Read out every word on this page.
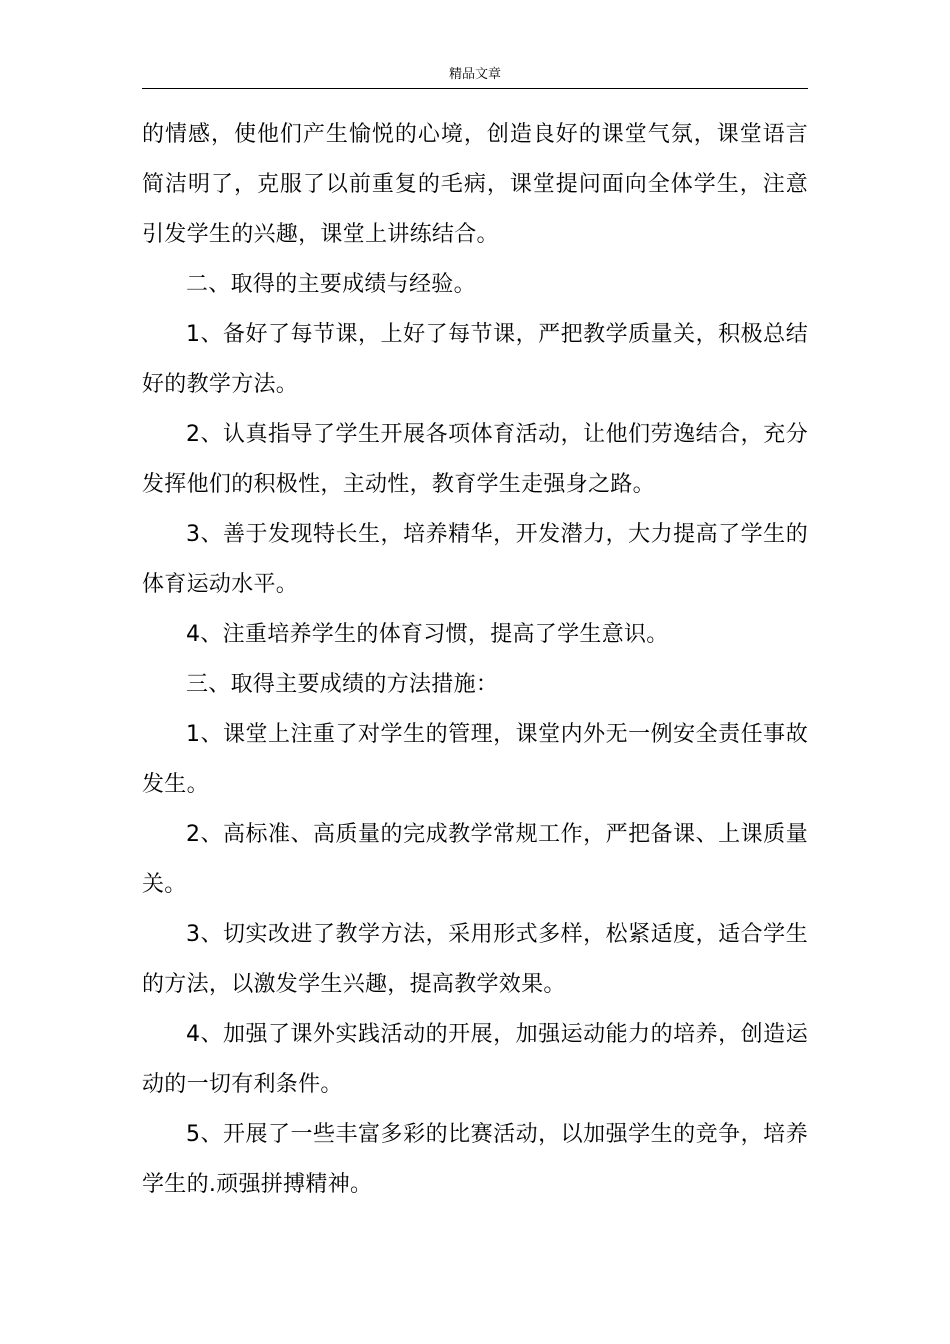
精品文章

的情感，使他们产生愉悦的心境，创造良好的课堂气氛，课堂语言简洁明了，克服了以前重复的毛病，课堂提问面向全体学生，注意引发学生的兴趣，课堂上讲练结合。

二、取得的主要成绩与经验。

1、备好了每节课，上好了每节课，严把教学质量关，积极总结好的教学方法。

2、认真指导了学生开展各项体育活动，让他们劳逸结合，充分发挥他们的积极性，主动性，教育学生走强身之路。

3、善于发现特长生，培养精华，开发潜力，大力提高了学生的体育运动水平。

4、注重培养学生的体育习惯，提高了学生意识。

三、取得主要成绩的方法措施：

1、课堂上注重了对学生的管理，课堂内外无一例安全责任事故发生。

2、高标准、高质量的完成教学常规工作，严把备课、上课质量关。

3、切实改进了教学方法，采用形式多样，松紧适度，适合学生的方法，以激发学生兴趣，提高教学效果。

4、加强了课外实践活动的开展，加强运动能力的培养，创造运动的一切有利条件。

5、开展了一些丰富多彩的比赛活动，以加强学生的竞争，培养学生的.顽强拼搏精神。
